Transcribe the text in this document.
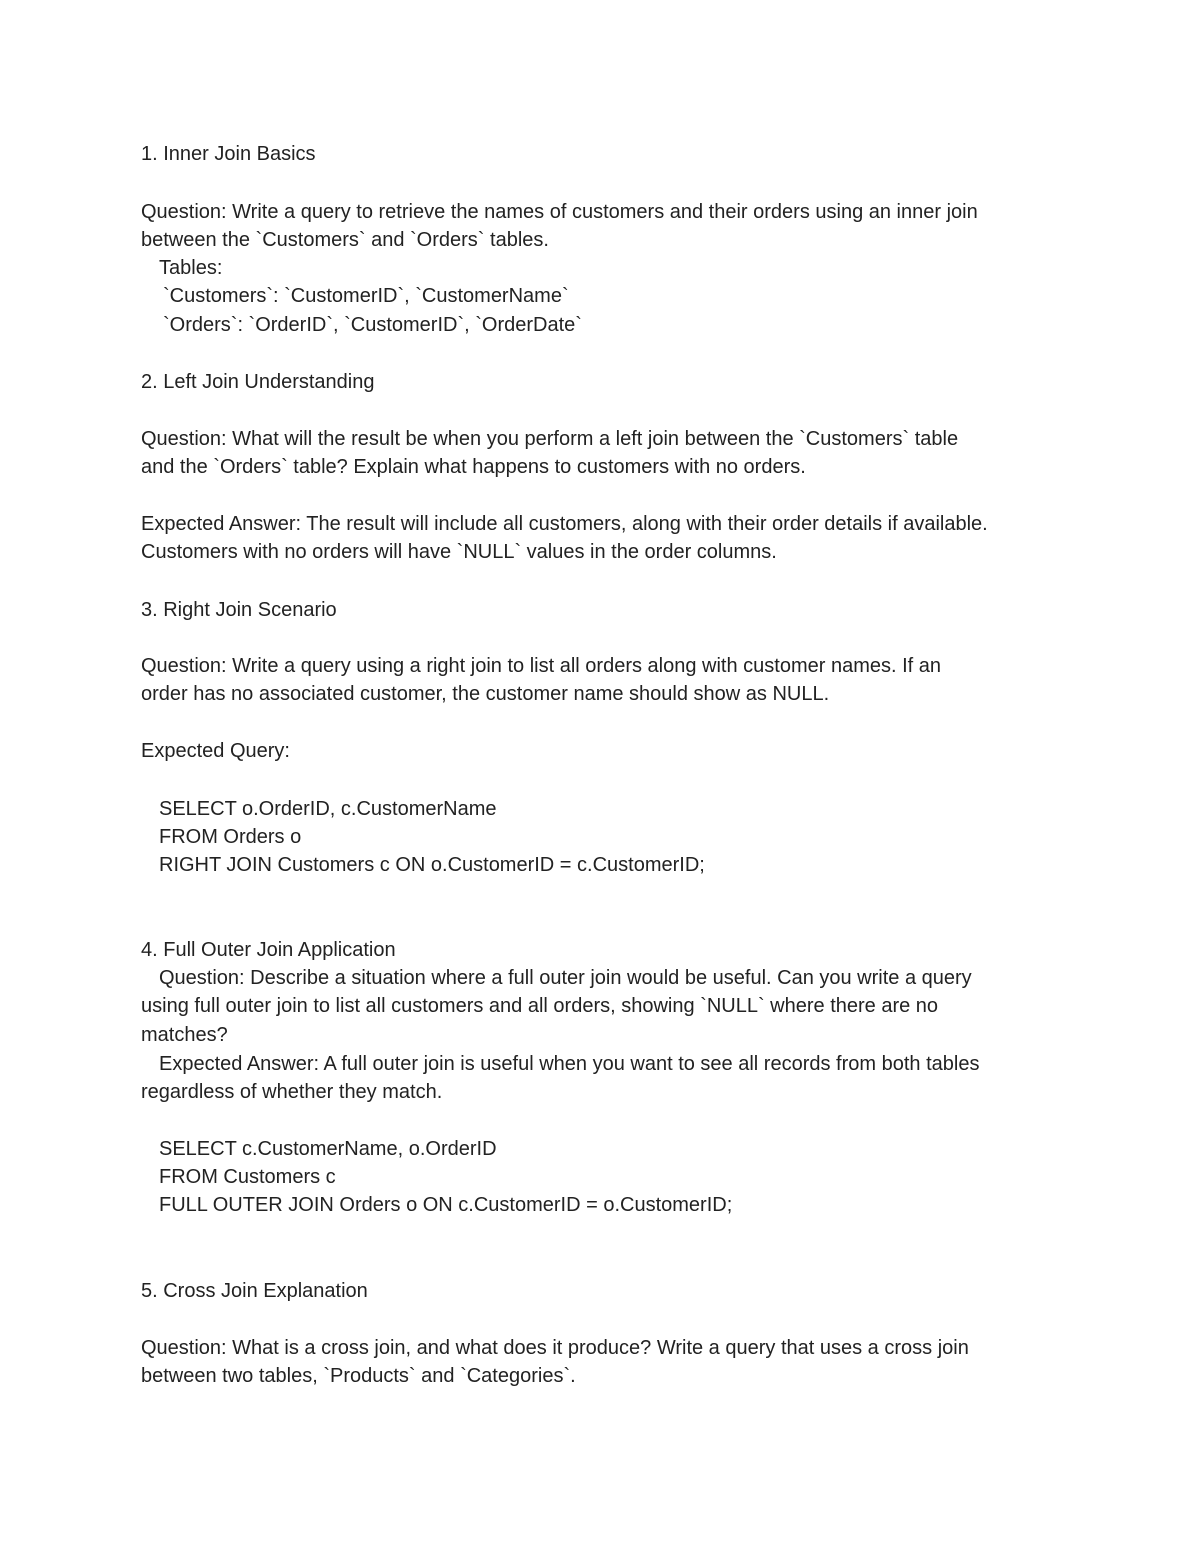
1. Inner Join Basics
Question: Write a query to retrieve the names of customers and their orders using an inner join
between the `Customers` and `Orders` tables.
Tables:
`Customers`: `CustomerID`, `CustomerName`
`Orders`: `OrderID`, `CustomerID`, `OrderDate`
2. Left Join Understanding
Question: What will the result be when you perform a left join between the `Customers` table
and the `Orders` table? Explain what happens to customers with no orders.
Expected Answer: The result will include all customers, along with their order details if available.
Customers with no orders will have `NULL` values in the order columns.
3. Right Join Scenario
Question: Write a query using a right join to list all orders along with customer names. If an
order has no associated customer, the customer name should show as NULL.
Expected Query:
SELECT o.OrderID, c.CustomerName
FROM Orders o
RIGHT JOIN Customers c ON o.CustomerID = c.CustomerID;
4. Full Outer Join Application
Question: Describe a situation where a full outer join would be useful. Can you write a query
using full outer join to list all customers and all orders, showing `NULL` where there are no
matches?
Expected Answer: A full outer join is useful when you want to see all records from both tables
regardless of whether they match.
SELECT c.CustomerName, o.OrderID
FROM Customers c
FULL OUTER JOIN Orders o ON c.CustomerID = o.CustomerID;
5. Cross Join Explanation
Question: What is a cross join, and what does it produce? Write a query that uses a cross join
between two tables, `Products` and `Categories`.
